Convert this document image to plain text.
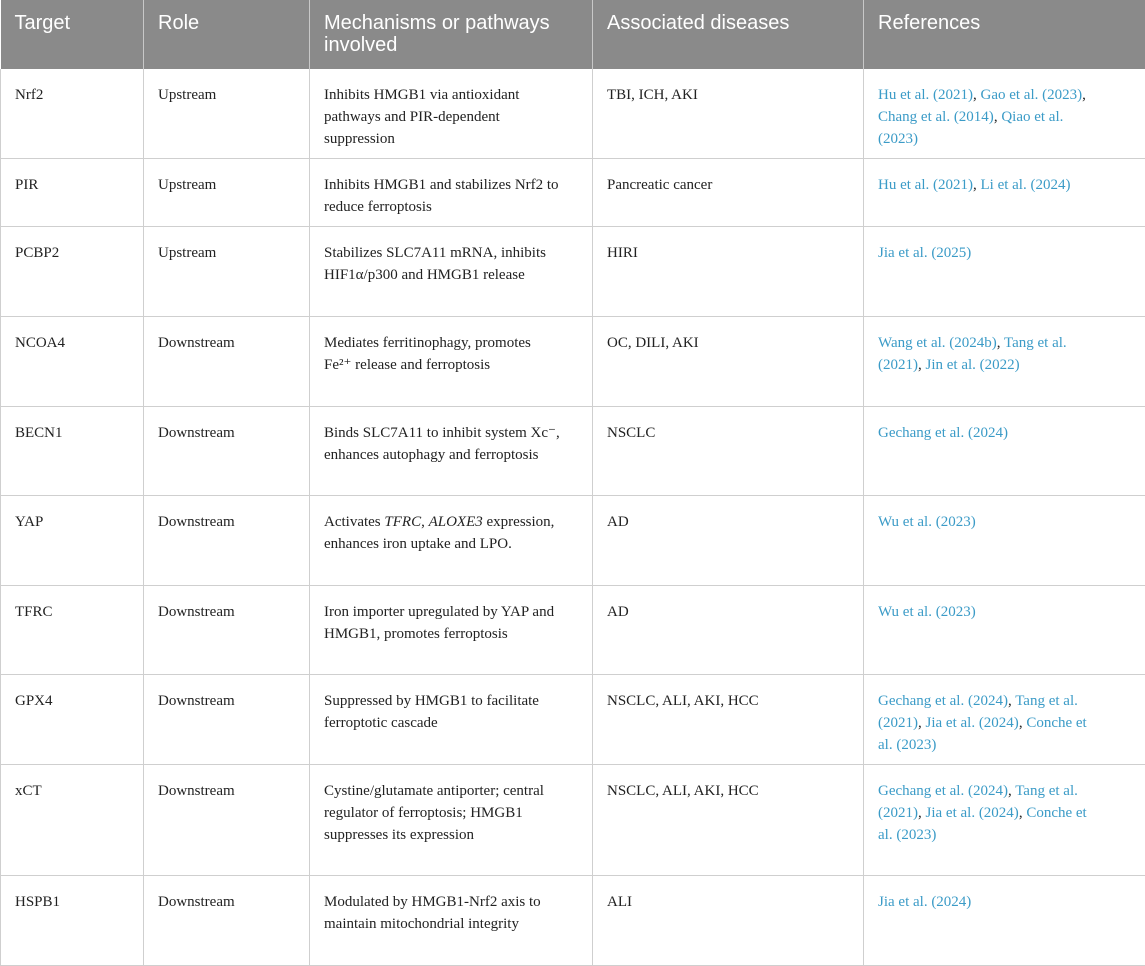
Target	Role	Mechanisms or pathways involved	Associated diseases	References
Nrf2	Upstream	Inhibits HMGB1 via antioxidant pathways and PIR-dependent suppression	TBI, ICH, AKI	Hu et al. (2021), Gao et al. (2023), Chang et al. (2014), Qiao et al. (2023)
PIR	Upstream	Inhibits HMGB1 and stabilizes Nrf2 to reduce ferroptosis	Pancreatic cancer	Hu et al. (2021), Li et al. (2024)
PCBP2	Upstream	Stabilizes SLC7A11 mRNA, inhibits HIF1α/p300 and HMGB1 release	HIRI	Jia et al. (2025)
NCOA4	Downstream	Mediates ferritinophagy, promotes Fe²⁺ release and ferroptosis	OC, DILI, AKI	Wang et al. (2024b), Tang et al. (2021), Jin et al. (2022)
BECN1	Downstream	Binds SLC7A11 to inhibit system Xc⁻, enhances autophagy and ferroptosis	NSCLC	Gechang et al. (2024)
YAP	Downstream	Activates TFRC, ALOXE3 expression, enhances iron uptake and LPO.	AD	Wu et al. (2023)
TFRC	Downstream	Iron importer upregulated by YAP and HMGB1, promotes ferroptosis	AD	Wu et al. (2023)
GPX4	Downstream	Suppressed by HMGB1 to facilitate ferroptotic cascade	NSCLC, ALI, AKI, HCC	Gechang et al. (2024), Tang et al. (2021), Jia et al. (2024), Conche et al. (2023)
xCT	Downstream	Cystine/glutamate antiporter; central regulator of ferroptosis; HMGB1 suppresses its expression	NSCLC, ALI, AKI, HCC	Gechang et al. (2024), Tang et al. (2021), Jia et al. (2024), Conche et al. (2023)
HSPB1	Downstream	Modulated by HMGB1-Nrf2 axis to maintain mitochondrial integrity	ALI	Jia et al. (2024)
